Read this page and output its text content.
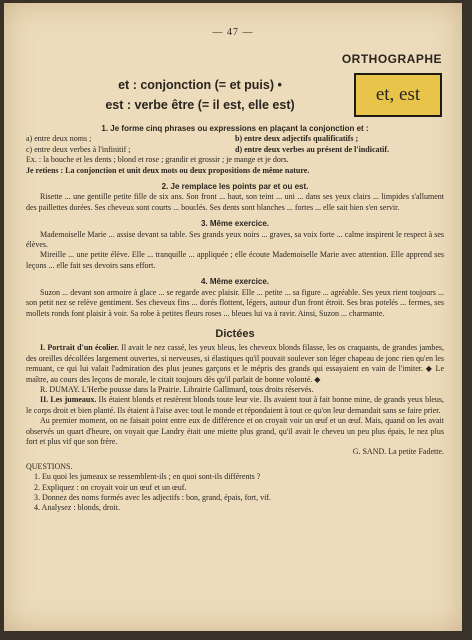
— 47 —
ORTHOGRAPHE
et : conjonction (= et puis) •
est : verbe être (= il est, elle est)	et, est
1. Je forme cinq phrases ou expressions en plaçant la conjonction et :
a) entre deux noms ;	b) entre deux adjectifs qualificatifs ;
c) entre deux verbes à l'infinitif ;	d) entre deux verbes au présent de l'indicatif.
Ex. : la bouche et les dents ; blond et rose ; grandir et grossir ; je mange et je dors.
Je retiens : La conjonction et unit deux mots ou deux propositions de même nature.
2. Je remplace les points par et ou est.

Risette ... une gentille petite fille de six ans. Son front ... haut, son teint ... uni ... dans ses yeux clairs ... limpides s'allument des paillettes dorées. Ses cheveux sont courts ... bouclés. Ses dents sont blanches ... fortes ... elle sait bien s'en servir.

3. Même exercice.

Mademoiselle Marie ... assise devant sa table. Ses grands yeux noirs ... graves, sa voix forte ... calme inspirent le respect à ses élèves.

Mireille ... une petite élève. Elle ... tranquille ... appliquée ; elle écoute Mademoiselle Marie avec attention. Elle apprend ses leçons ... elle fait ses devoirs sans effort.

4. Même exercice.

Suzon ... devant son armoire à glace ... se regarde avec plaisir. Elle ... petite ... sa figure ... agréable. Ses yeux rient toujours ... son petit nez se relève gentiment. Ses cheveux fins ... dorés flottent, légers, autour d'un front étroit. Ses bras potelés ... fermes, ses mollets ronds font plaisir à voir. Sa robe à petites fleurs roses ... bleues lui va à ravir. Ainsi, Suzon ... charmante.

Dictées

I. Portrait d'un écolier. Il avait le nez cassé, les yeux bleus, les cheveux blonds filasse, les os craquants, de grandes jambes, des oreilles décollées largement ouvertes, si nerveuses, si élastiques qu'il pouvait soulever son léger chapeau de jonc rien qu'en les remuant, ce qui lui valait l'admiration des plus jeunes garçons et le mépris des grands qui essayaient en vain de l'imiter. ◆ Le maître, au cours des leçons de morale, le citait toujours dès qu'il parlait de bonne volonté. ◆

R. DUMAY. L'Herbe pousse dans la Prairie. Librairie Gallimard, tous droits réservés.

II. Les jumeaux. Ils étaient blonds et restèrent blonds toute leur vie. Ils avaient tout à fait bonne mine, de grands yeux bleus, le corps droit et bien planté. Ils étaient à l'aise avec tout le monde et répondaient à tout ce qu'on leur demandait sans se faire prier.

Au premier moment, on ne faisait point entre eux de différence et on croyait voir un œuf et un œuf. Mais, quand on les avait observés un quart d'heure, on voyait que Landry était une miette plus grand, qu'il avait le cheveu un peu plus épais, le nez plus fort et plus vif que son frère.

G. SAND. La petite Fadette.
QUESTIONS.
1. Eu quoi les jumeaux se ressemblent-ils ; en quoi sont-ils différents ?
2. Expliquez : on croyait voir un œuf et un œuf.
3. Donnez des noms formés avec les adjectifs : bon, grand, épais, fort, vif.
4. Analysez : blonds, droit.
